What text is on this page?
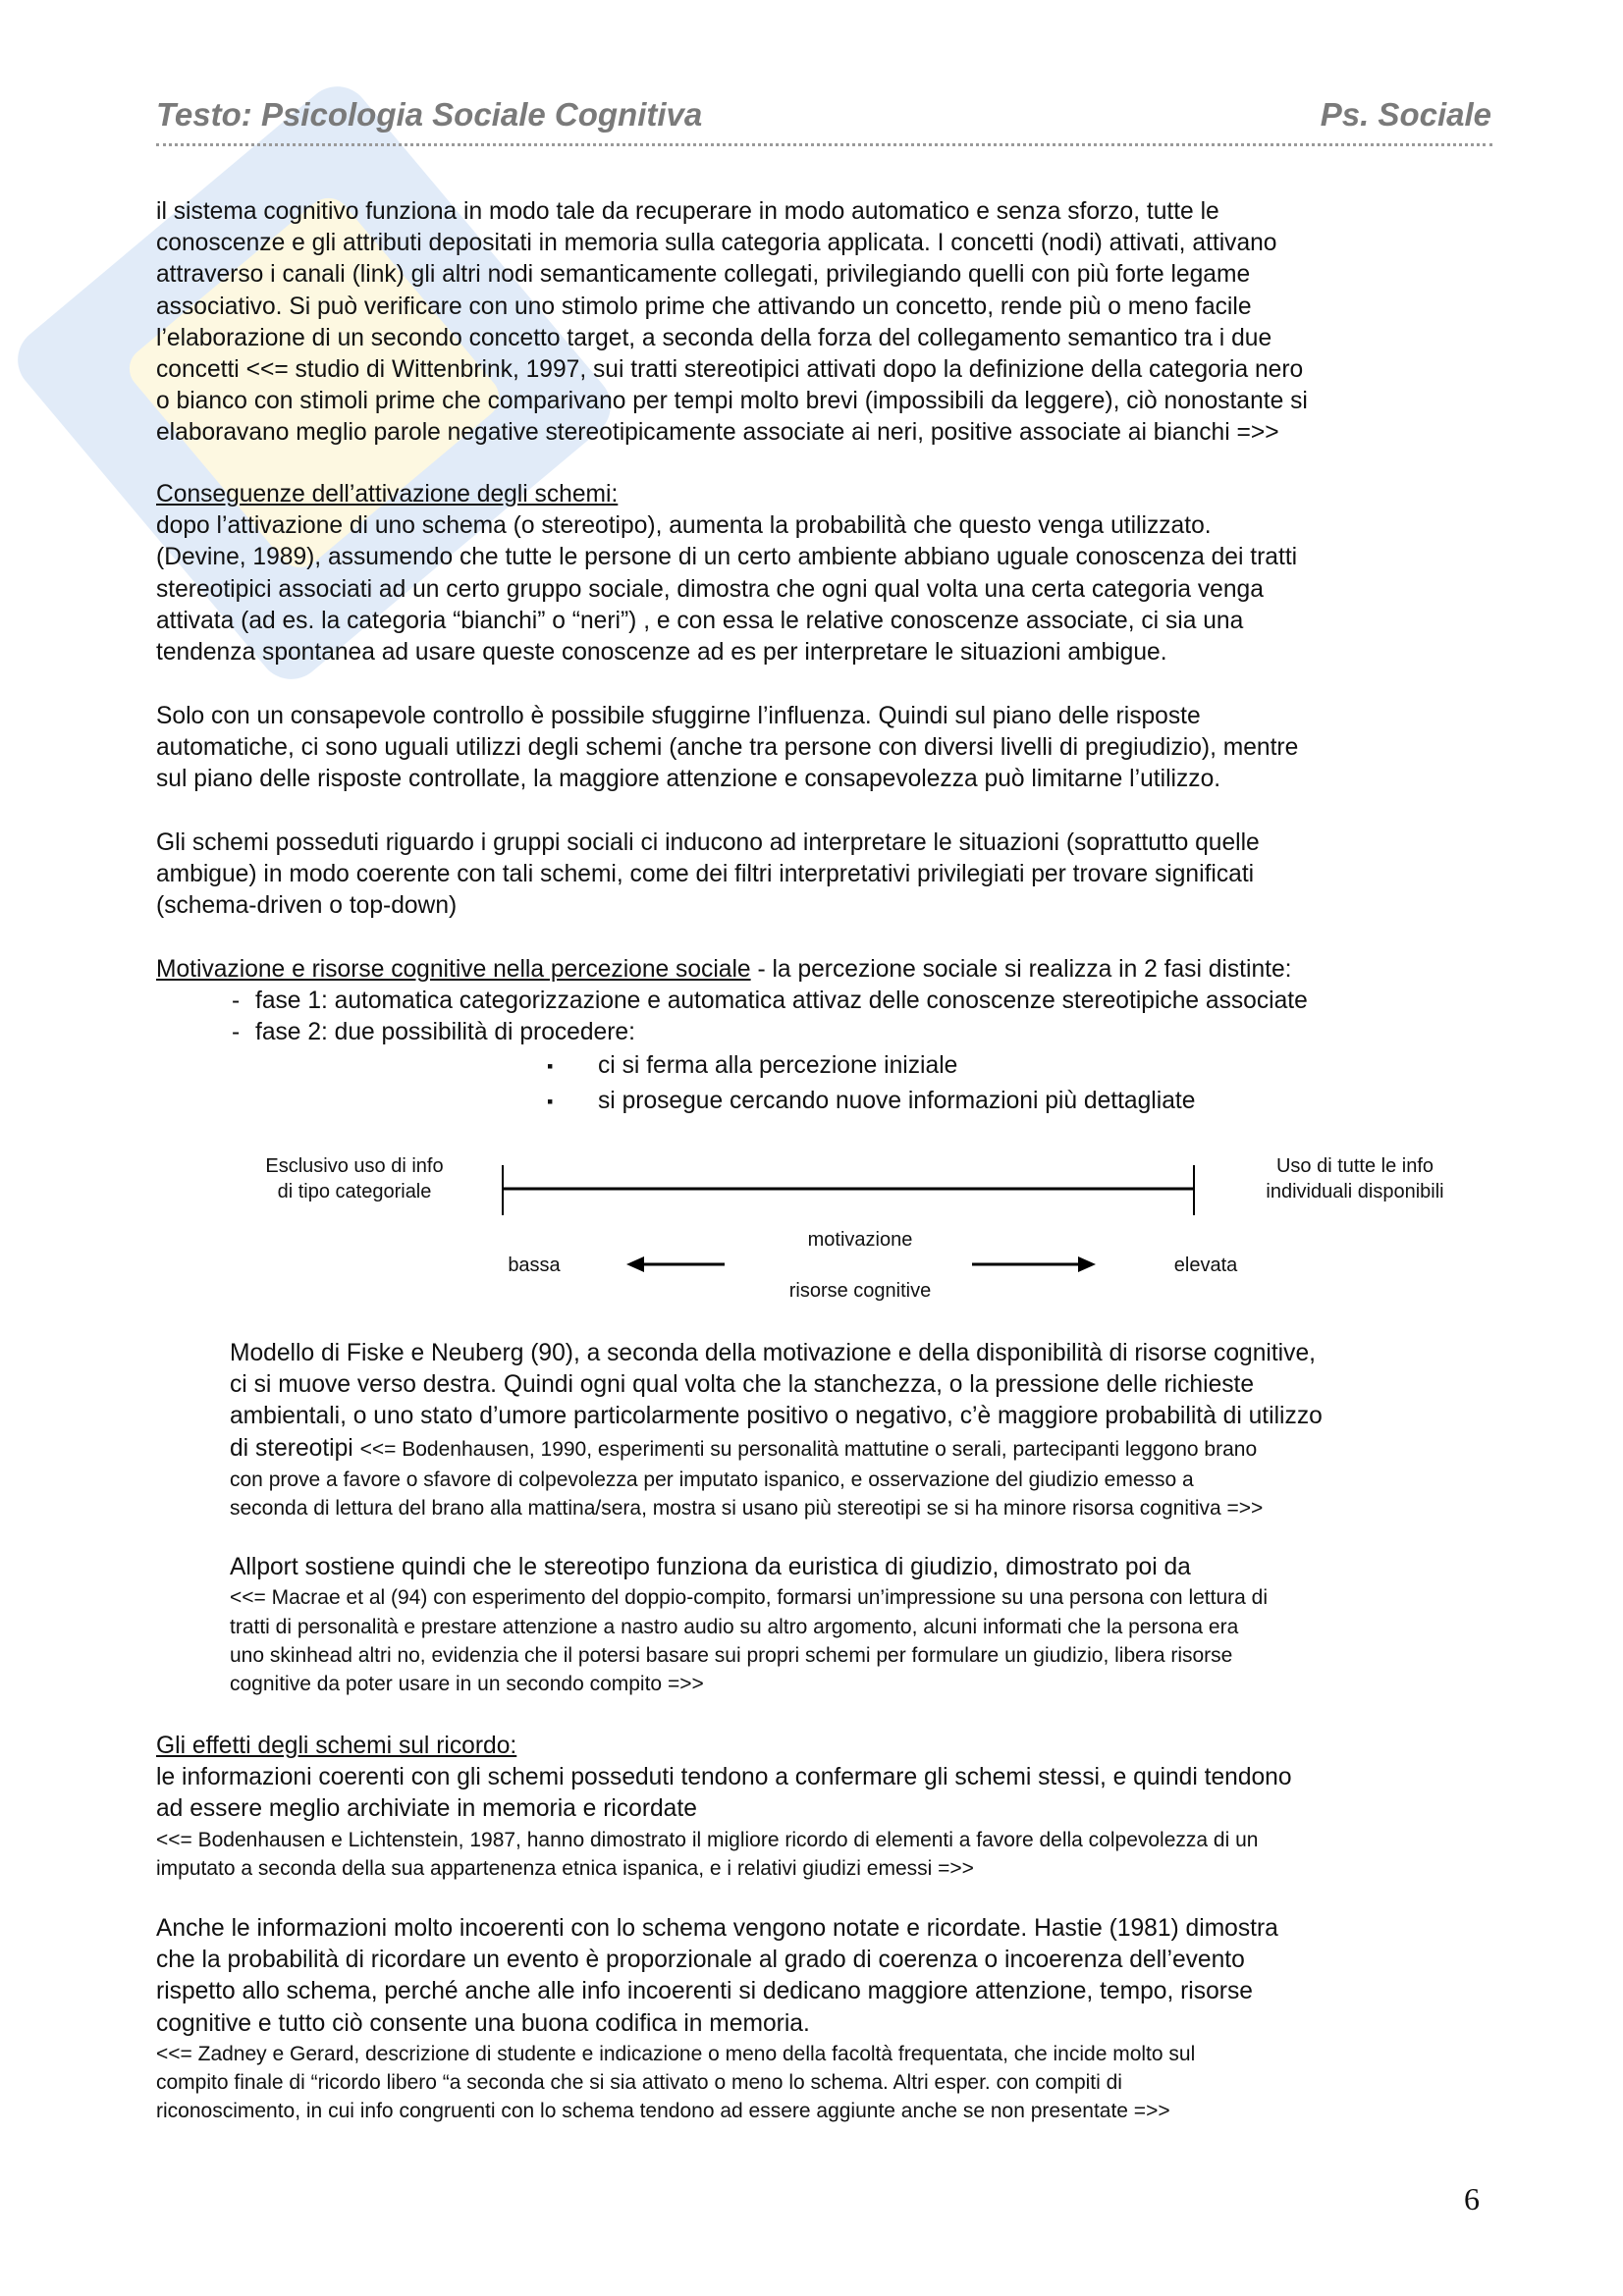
Testo: Psicologia Sociale Cognitiva	Ps. Sociale
il sistema cognitivo funziona in modo tale da recuperare in modo automatico e senza sforzo, tutte le
conoscenze e gli attributi depositati in memoria sulla categoria applicata. I concetti (nodi) attivati, attivano
attraverso i canali (link) gli altri nodi semanticamente collegati, privilegiando quelli con più forte legame
associativo. Si può verificare con uno stimolo prime che attivando un concetto, rende più o meno facile
l’elaborazione di un secondo concetto target, a seconda della forza del collegamento semantico tra i due
concetti <<= studio di Wittenbrink, 1997, sui tratti stereotipici attivati dopo la definizione della categoria nero
o bianco con stimoli prime che comparivano per tempi molto brevi (impossibili da leggere), ciò nonostante si
elaboravano meglio parole negative stereotipicamente associate ai neri, positive associate ai bianchi =>>
Conseguenze dell’attivazione degli schemi:
dopo l’attivazione di uno schema (o stereotipo), aumenta la probabilità che questo venga utilizzato.
(Devine, 1989), assumendo che tutte le persone di un certo ambiente abbiano uguale conoscenza dei tratti
stereotipici associati ad un certo gruppo sociale, dimostra che ogni qual volta una certa categoria venga
attivata (ad es. la categoria “bianchi” o “neri”) , e con essa le relative conoscenze associate, ci sia una
tendenza spontanea ad usare queste conoscenze ad es per interpretare le situazioni ambigue.
Solo con un consapevole controllo è possibile sfuggirne l’influenza. Quindi sul piano delle risposte
automatiche, ci sono uguali utilizzi degli schemi (anche tra persone con diversi livelli di pregiudizio), mentre
sul piano delle risposte controllate, la maggiore attenzione e consapevolezza può limitarne l’utilizzo.
Gli schemi posseduti riguardo i gruppi sociali ci inducono ad interpretare le situazioni (soprattutto quelle
ambigue) in modo coerente con tali schemi, come dei filtri interpretativi privilegiati per trovare significati
(schema-driven o top-down)
Motivazione e risorse cognitive nella percezione sociale - la percezione sociale si realizza in 2 fasi distinte:
- fase 1: automatica categorizzazione e automatica attivaz delle conoscenze stereotipiche associate
- fase 2: due possibilità di procedere:
▪ ci si ferma alla percezione iniziale
▪ si prosegue cercando nuove informazioni più dettagliate
Esclusivo uso di info
di tipo categoriale
Uso di tutte le info
individuali disponibili
motivazione
risorse cognitive
bassa	elevata
Modello di Fiske e Neuberg (90), a seconda della motivazione e della disponibilità di risorse cognitive,
ci si muove verso destra. Quindi ogni qual volta che la stanchezza, o la pressione delle richieste
ambientali, o uno stato d’umore particolarmente positivo o negativo, c’è maggiore probabilità di utilizzo
di stereotipi <<= Bodenhausen, 1990, esperimenti su personalità mattutine o serali, partecipanti leggono brano
con prove a favore o sfavore di colpevolezza per imputato ispanico, e osservazione del giudizio emesso a
seconda di lettura del brano alla mattina/sera, mostra si usano più stereotipi se si ha minore risorsa cognitiva =>>
Allport sostiene quindi che le stereotipo funziona da euristica di giudizio, dimostrato poi da
<<= Macrae et al (94) con esperimento del doppio-compito, formarsi un’impressione su una persona con lettura di
tratti di personalità e prestare attenzione a nastro audio su altro argomento, alcuni informati che la persona era
uno skinhead altri no, evidenzia che il potersi basare sui propri schemi per formulare un giudizio, libera risorse
cognitive da poter usare in un secondo compito =>>
Gli effetti degli schemi sul ricordo:
le informazioni coerenti con gli schemi posseduti tendono a confermare gli schemi stessi, e quindi tendono
ad essere meglio archiviate in memoria e ricordate
<<= Bodenhausen e Lichtenstein, 1987, hanno dimostrato il migliore ricordo di elementi a favore della colpevolezza di un
imputato a seconda della sua appartenenza etnica ispanica, e i relativi giudizi emessi =>>
Anche le informazioni molto incoerenti con lo schema vengono notate e ricordate. Hastie (1981) dimostra
che la probabilità di ricordare un evento è proporzionale al grado di coerenza o incoerenza dell’evento
rispetto allo schema, perché anche alle info incoerenti si dedicano maggiore attenzione, tempo, risorse
cognitive e tutto ciò consente una buona codifica in memoria.
<<= Zadney e Gerard, descrizione di studente e indicazione o meno della facoltà frequentata, che incide molto sul
compito finale di “ricordo libero “a seconda che si sia attivato o meno lo schema. Altri esper. con compiti di
riconoscimento, in cui info congruenti con lo schema tendono ad essere aggiunte anche se non presentate =>>
6
